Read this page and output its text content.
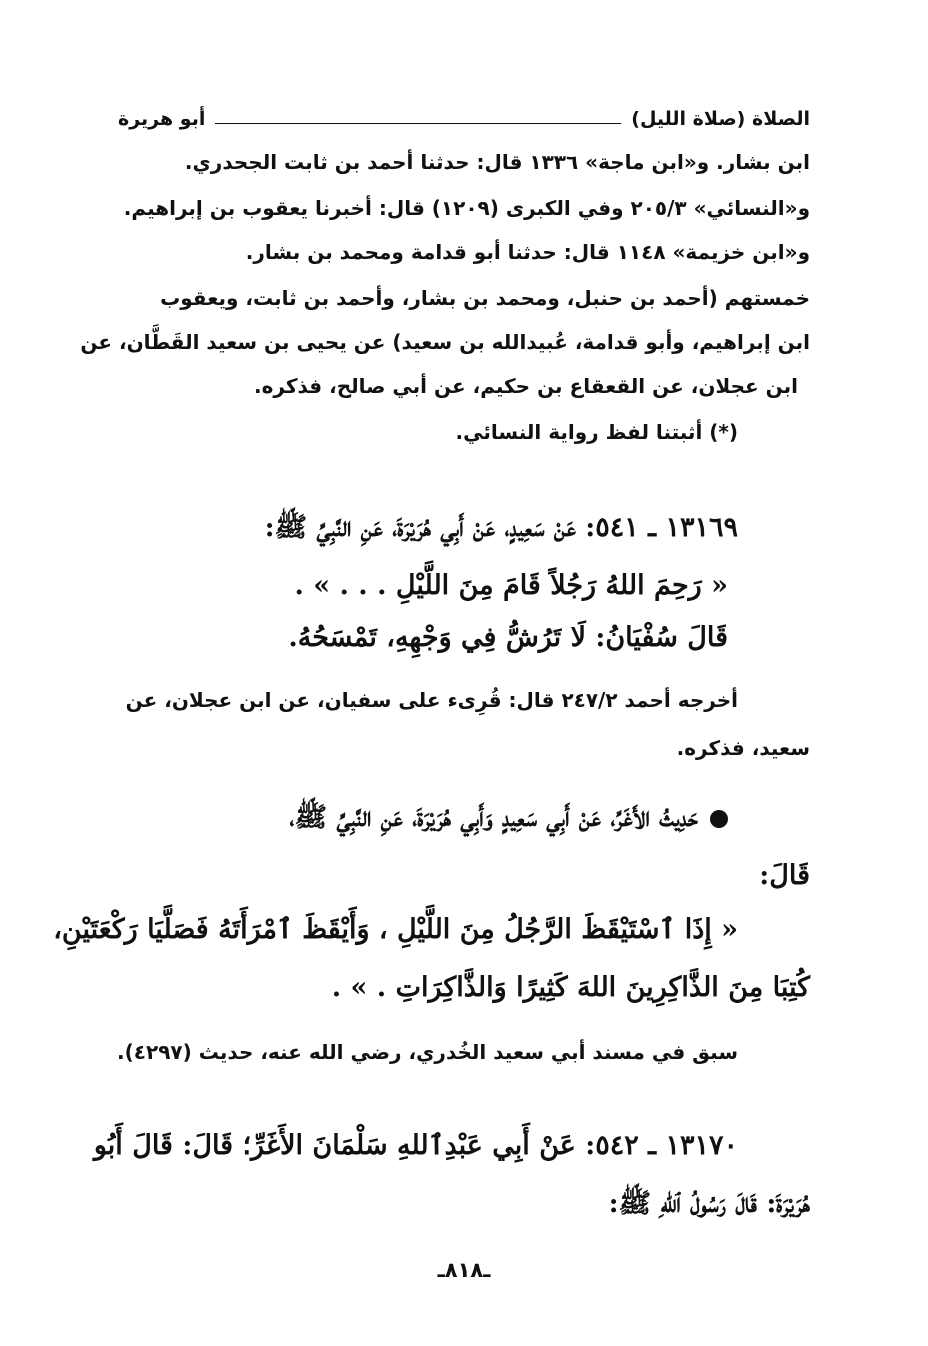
الصلاة (صلاة الليل)
أبو هريرة
ابن بشار. و«ابن ماجة» ١٣٣٦ قال: حدثنا أحمد بن ثابت الجحدري.
و«النسائي» ٢٠٥/٣ وفي الكبرى (١٢٠٩) قال: أخبرنا يعقوب بن إبراهيم.
و«ابن خزيمة» ١١٤٨ قال: حدثنا أبو قدامة ومحمد بن بشار.
خمستهم (أحمد بن حنبل، ومحمد بن بشار، وأحمد بن ثابت، ويعقوب
ابن إبراهيم، وأبو قدامة، عُبيدالله بن سعيد) عن يحيى بن سعيد القَطَّان، عن
ابن عجلان، عن القعقاع بن حكيم، عن أبي صالح، فذكره.
(*) أثبتنا لفظ رواية النسائي.
١٣١٦٩ ـ ٥٤١: عَنْ سَعِيدٍ، عَنْ أَبِي هُرَيْرَةَ، عَنِ النَّبِيِّ ﷺ:
« رَحِمَ اللهُ رَجُلاً قَامَ مِنَ اللَّيْلِ . . . » .
قَالَ سُفْيَانُ: لَا تَرُشُّ فِي وَجْهِهِ، تَمْسَحُهُ.
أخرجه أحمد ٢٤٧/٢ قال: قُرِىء على سفيان، عن ابن عجلان، عن
سعيد، فذكره.
حَدِيثُ الأَغَرِّ، عَنْ أَبِي سَعِيدٍ وَأَبِي هُرَيْرَةَ، عَنِ النَّبِيِّ ﷺ،
قَالَ:
« إِذَا ٱسْتَيْقَظَ الرَّجُلُ مِنَ اللَّيْلِ ، وَأَيْقَظَ ٱمْرَأَتَهُ فَصَلَّيَا رَكْعَتَيْنِ،
كُتِبَا مِنَ الذَّاكِرِينَ اللهَ كَثِيرًا وَالذَّاكِرَاتِ . » .
سبق في مسند أبي سعيد الخُدري، رضي الله عنه، حديث (٤٢٩٧).
١٣١٧٠ ـ ٥٤٢: عَنْ أَبِي عَبْدِٱللهِ سَلْمَانَ الأَغَرِّ؛ قَالَ: قَالَ أَبُو
هُرَيْرَةَ: قَالَ رَسُولُ ٱللهِ ﷺ:
ـ٨١٨ـ
